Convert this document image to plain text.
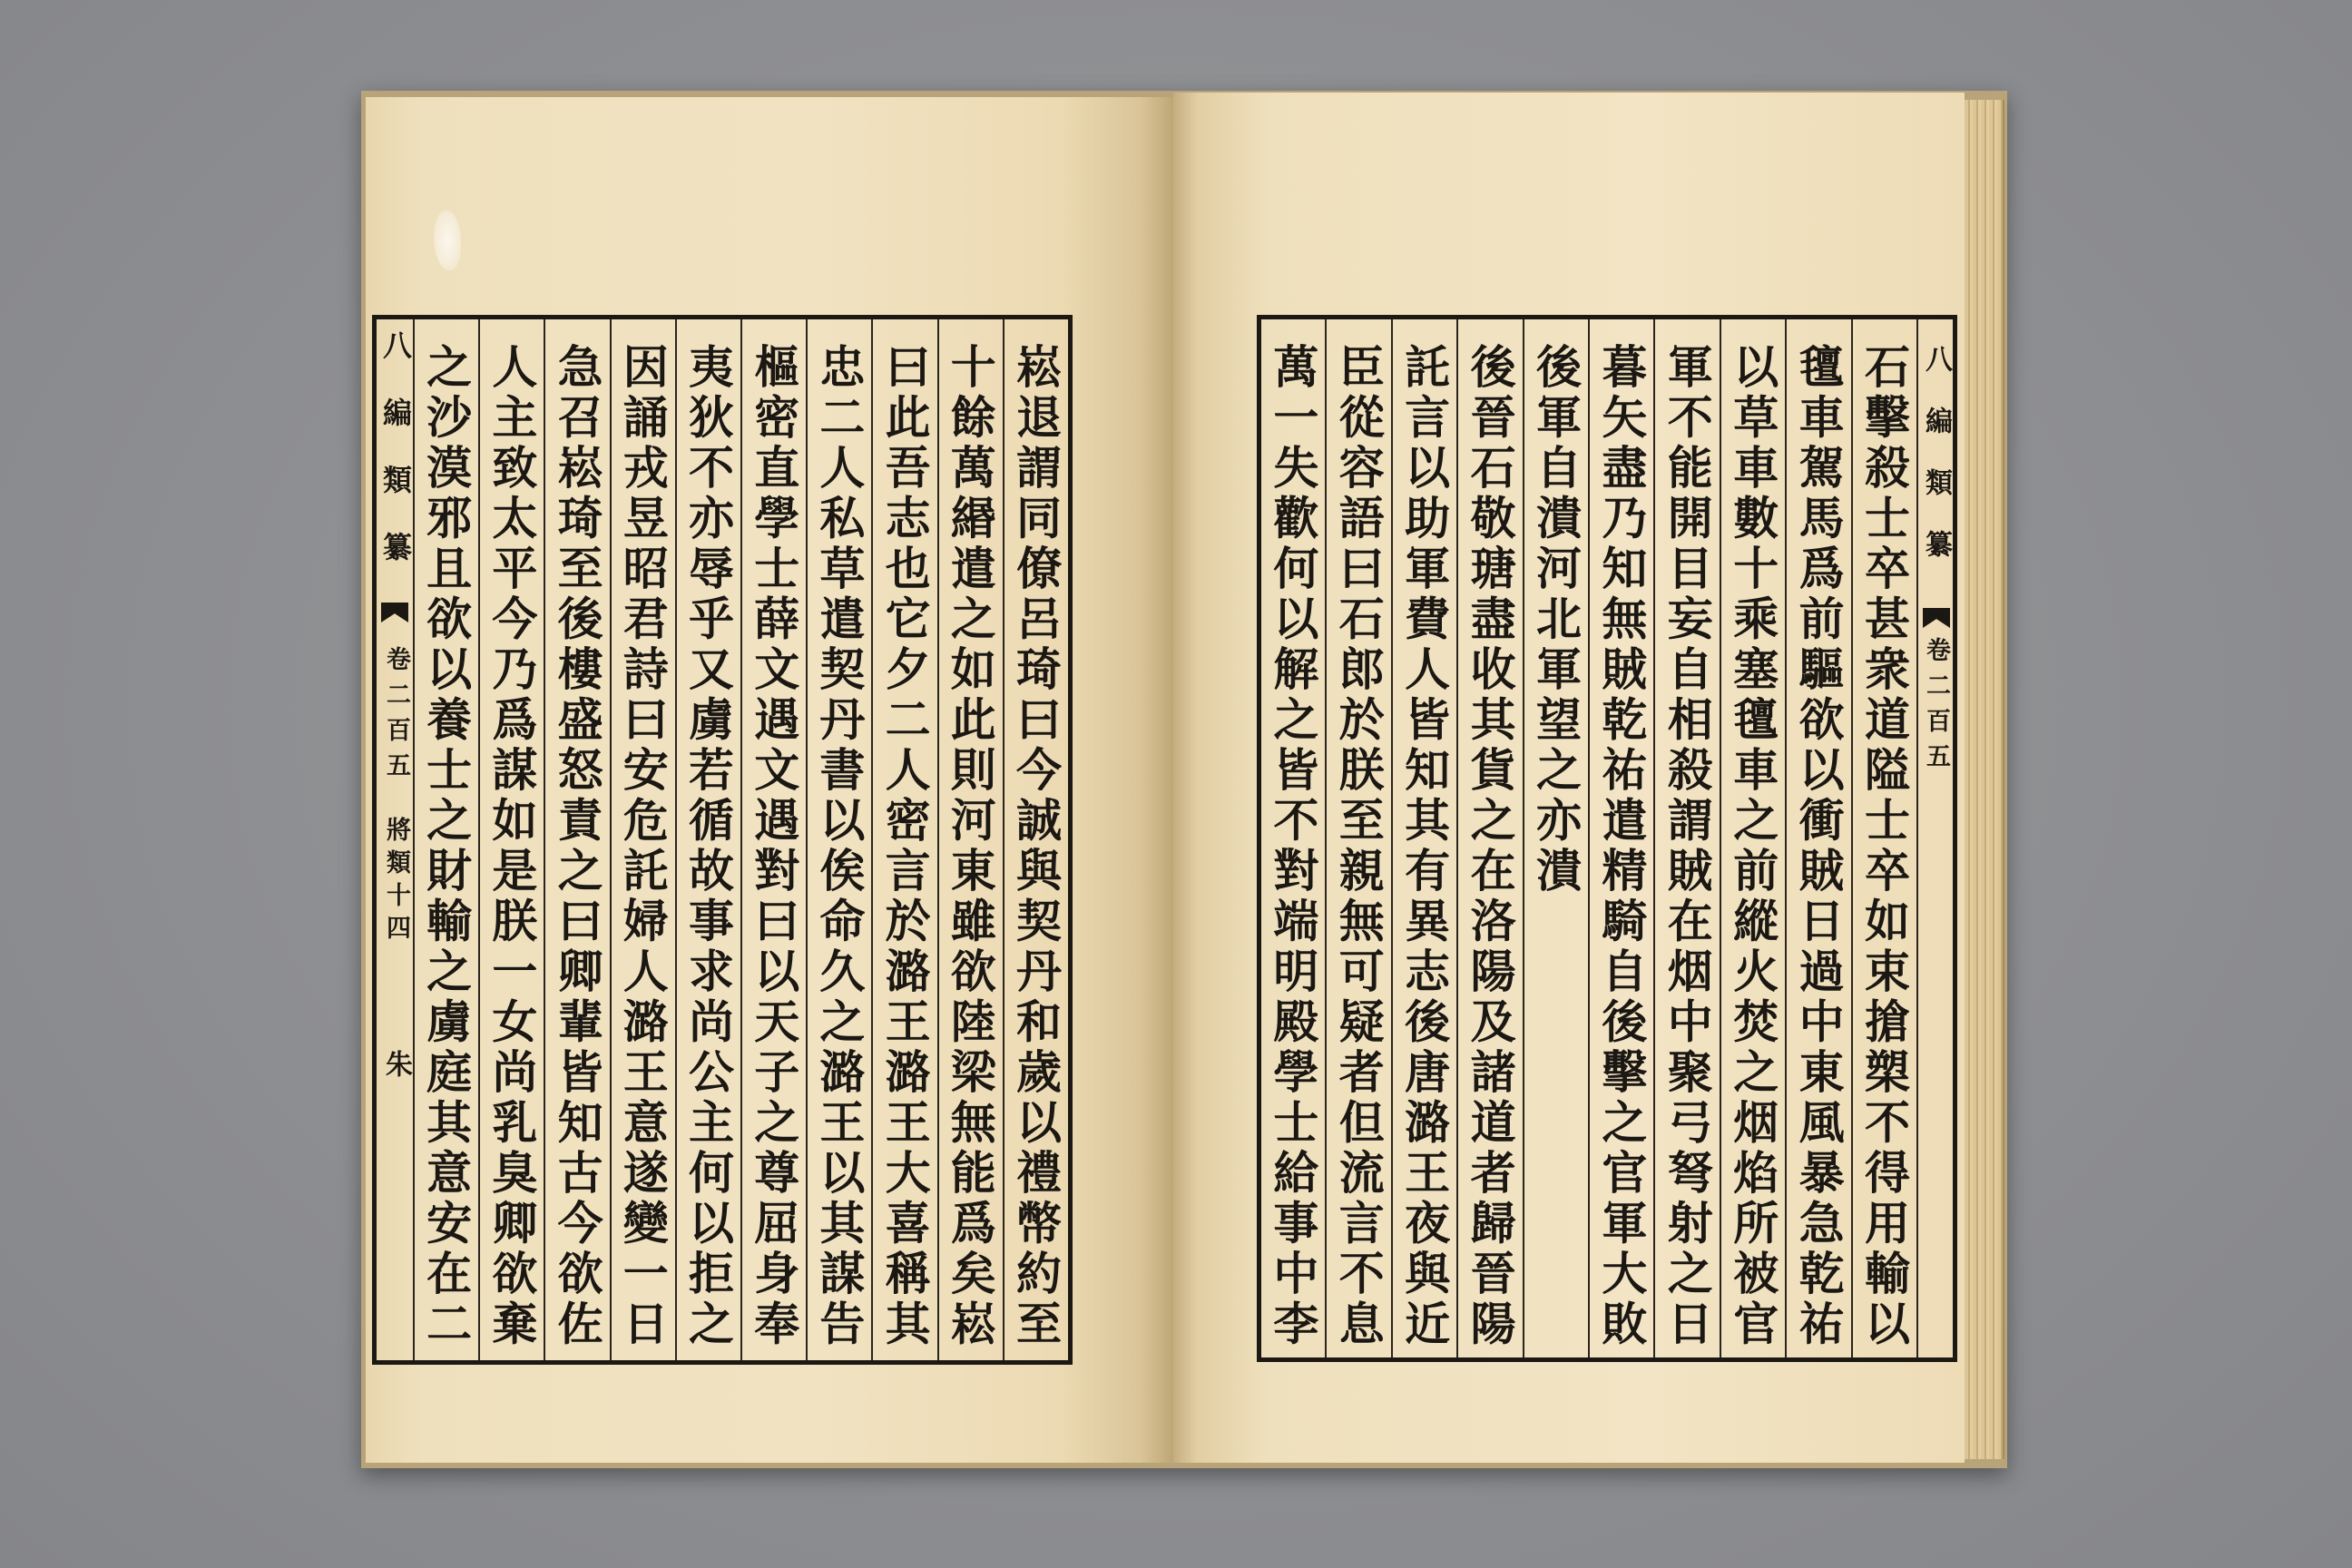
崧退謂同僚呂琦曰今誠與契丹和歲以禮幣約至
十餘萬緡遣之如此則河東雖欲陸梁無能爲矣崧
曰此吾志也它夕二人密言於潞王潞王大喜稱其
忠二人私草遣契丹書以俟命久之潞王以其謀告
樞密直學士薛文遇文遇對曰以天子之尊屈身奉
夷狄不亦辱乎又虜若循故事求尚公主何以拒之
因誦戎昱昭君詩曰安危託婦人潞王意遂變一日
急召崧琦至後樓盛怒責之曰卿輩皆知古今欲佐
人主致太平今乃爲謀如是朕一女尚乳臭卿欲棄
之沙漠邪且欲以養士之財輸之虜庭其意安在二
八編類纂
卷二百五
將類十四
朱
八編類纂
卷二百五
石擊殺士卒甚衆道隘士卒如束搶槊不得用輸以
氊車駕馬爲前驅欲以衝賊日過中東風暴急乾祐
以草車數十乘塞氊車之前縱火焚之烟焰所被官
軍不能開目妄自相殺謂賊在烟中聚弓弩射之日
暮矢盡乃知無賊乾祐遣精騎自後擊之官軍大敗
後軍自潰河北軍望之亦潰
後晉石敬瑭盡收其貨之在洛陽及諸道者歸晉陽
託言以助軍費人皆知其有異志後唐潞王夜與近
臣從容語曰石郎於朕至親無可疑者但流言不息
萬一失歡何以解之皆不對端明殿學士給事中李
